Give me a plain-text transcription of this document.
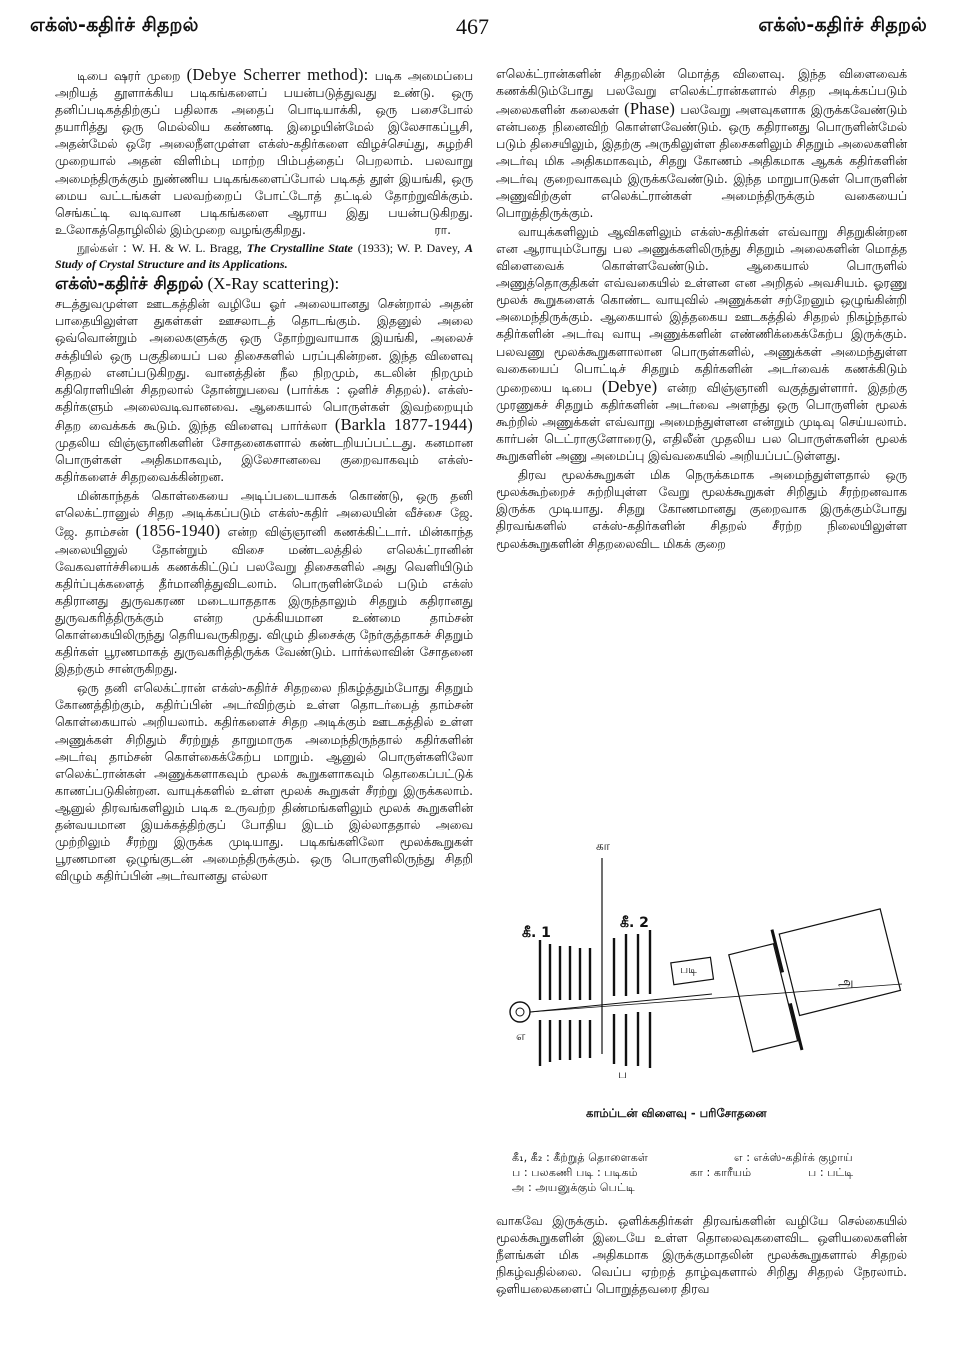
எக்ஸ்-கதிர்ச் சிதறல்	467	எக்ஸ்-கதிர்ச் சிதறல்

டிபை ஷரர் முறை (Debye Scherrer method): படிக அமைப்பை அறியத் தூளாக்கிய படிகங்களைப் பயன்படுத்துவது உண்டு. ஒரு தனிப்படிகத்திற்குப் பதிலாக அதைப் பொடியாக்கி, ஒரு பசைபோல் தயாரித்து ஒரு மெல்லிய கண்ணடி இழையின்மேல் இலேசாகப்பூசி, அதன்மேல் ஒரே அலைநீளமுள்ள எக்ஸ்-கதிர்களை விழச்செய்து, சுழற்சி முறையால் அதன் விளிம்பு மாற்ற பிம்பத்தைப் பெறலாம். பலவாறு அமைந்திருக்கும் நுண்ணிய படிகங்களைப்போல் படிகத் தூள் இயங்கி, ஒரு மைய வட்டங்கள் பலவற்றைப் போட்டோத் தட்டில் தோற்றுவிக்கும். செங்கட்டி வடிவான படிகங்களை ஆராய இது பயன்படுகிறது. உலோகத்தொழிலில் இம்முறை வழங்குகிறது.	ரா.

நூல்கள் : W. H. & W. L. Bragg, The Crystalline State (1933); W. P. Davey, A Study of Crystal Structure and its Applications.

எக்ஸ்-கதிர்ச் சிதறல் (X-Ray scattering):

சடத்துவமுள்ள ஊடகத்தின் வழியே ஓர் அலையானது சென்றால் அதன் பாதையிலுள்ள துகள்கள் ஊசலாடத் தொடங்கும். இதனுல் அலை ஒவ்வொன்றும் அலைகளுக்கு ஒரு தோற்றுவாயாக இயங்கி, அலைச் சக்தியில் ஒரு பகுதியைப் பல திசைகளில் பரப்புகின்றன. இந்த விளைவு சிதறல் எனப்படுகிறது. வானத்தின் நீல நிறமும், கடலின் நிறமும் கதிரொளியின் சிதறலால் தோன்றுபவை (பார்க்க : ஒளிச் சிதறல்). எக்ஸ்-கதிர்களும் அலைவடிவானவை. ஆகையால் பொருள்கள் இவற்றையும் சிதற வைக்கக் கூடும். இந்த விளைவு பார்க்லா (Barkla 1877-1944) முதலிய விஞ்ஞானிகளின் சோதனைகளால் கண்டறியப்பட்டது. கனமான பொருள்கள் அதிகமாகவும், இலேசானவை குறைவாகவும் எக்ஸ்-கதிர்களைச் சிதறவைக்கின்றன.

மின்காந்தக் கொள்கையை அடிப்படையாகக் கொண்டு, ஒரு தனி எலெக்ட்ரானுல் சிதற அடிக்கப்படும் எக்ஸ்-கதிர் அலையின் வீச்சை ஜே. ஜே. தாம்சன் (1856-1940) என்ற விஞ்ஞானி கணக்கிட்டார். மின்காந்த அலையினுல் தோன்றும் விசை மண்டலத்தில் எலெக்ட்ரானின் வேகவளர்ச்சியைக் கணக்கிட்டுப் பலவேறு திசைகளில் அது வெளியிடும் கதிர்ப்புக்களைத் தீர்மானித்துவிடலாம். பொருளின்மேல் படும் எக்ஸ் கதிரானது துருவகரண மடையாததாக இருந்தாலும் சிதறும் கதிரானது துருவகரித்திருக்கும் என்ற முக்கியமான உண்மை தாம்சன் கொள்கையிலிருந்து தெரியவருகிறது. விழும் திசைக்கு நேர்குத்தாகச் சிதறும் கதிர்கள் பூரணமாகத் துருவகரித்திருக்க வேண்டும். பார்க்லாவின் சோதனை இதற்கும் சான்ருகிறது.

ஒரு தனி எலெக்ட்ரான் எக்ஸ்-கதிர்ச் சிதறலை நிகழ்த்தும்போது சிதறும் கோணத்திற்கும், கதிர்ப்பின் அடர்விற்கும் உள்ள தொடர்பைத் தாம்சன் கொள்கையால் அறியலாம். கதிர்களைச் சிதற அடிக்கும் ஊடகத்தில் உள்ள அணுக்கள் சிறிதும் சீரற்றுத் தாறுமாருக அமைந்திருந்தால் கதிர்களின் அடர்வு தாம்சன் கொள்கைக்கேற்ப மாறும். ஆனுல் பொருள்களிலோ எலெக்ட்ரான்கள் அணுக்களாகவும் மூலக் கூறுகளாகவும் தொகைப்பட்டுக் காணப்படுகின்றன. வாயுக்களில் உள்ள மூலக் கூறுகள் சீரற்று இருக்கலாம். ஆனுல் திரவங்களிலும் படிக உருவற்ற திண்மங்களிலும் மூலக் கூறுகளின் தன்வயமான இயக்கத்திற்குப் போதிய இடம் இல்லாததால் அவை முற்றிலும் சீரற்று இருக்க முடியாது. படிகங்களிலோ மூலக்கூறுகள் பூரணமான ஒழுங்குடன் அமைந்திருக்கும். ஒரு பொருளிலிருந்து சிதறி விழும் கதிர்ப்பின் அடர்வானது எல்லா

எலெக்ட்ரான்களின் சிதறலின் மொத்த விளைவு. இந்த விளைவைக் கணக்கிடும்போது பலவேறு எலெக்ட்ரான்களால் சிதற அடிக்கப்படும் அலைகளின் கலைகள் (Phase) பலவேறு அளவுகளாக இருக்கவேண்டும் என்பதை நினைவிற் கொள்ளவேண்டும். ஒரு கதிரானது பொருளின்மேல் படும் திசையிலும், இதற்கு அருகிலுள்ள திசைகளிலும் சிதறும் அலைகளின் அடர்வு மிக அதிகமாகவும், சிதறு கோணம் அதிகமாக ஆகக் கதிர்களின் அடர்வு குறைவாகவும் இருக்கவேண்டும். இந்த மாறுபாடுகள் பொருளின் அணுவிற்குள் எலெக்ட்ரான்கள் அமைந்திருக்கும் வகையைப் பொறுத்திருக்கும்.

வாயுக்களிலும் ஆவிகளிலும் எக்ஸ்-கதிர்கள் எவ்வாறு சிதறுகின்றன என ஆராயும்போது பல அணுக்களிலிருந்து சிதறும் அலைகளின் மொத்த விளைவைக் கொள்ளவேண்டும். ஆகையால் பொருளில் அணுத்தொகுதிகள் எவ்வகையில் உள்ளன என அறிதல் அவசியம். ஓரணு மூலக் கூறுகளைக் கொண்ட வாயுவில் அணுக்கள் சற்றேனும் ஒழுங்கின்றி அமைந்திருக்கும். ஆகையால் இத்தகைய ஊடகத்தில் சிதறல் நிகழ்ந்தால் கதிர்களின் அடர்வு வாயு அணுக்களின் எண்ணிக்கைக்கேற்ப இருக்கும். பலவணு மூலக்கூறுகளாலான பொருள்களில், அணுக்கள் அமைந்துள்ள வகையைப் பொட்டிச் சிதறும் கதிர்களின் அடர்வைக் கணக்கிடும் முறையை டிபை (Debye) என்ற விஞ்ஞானி வகுத்துள்ளார். இதற்கு முரணுகச் சிதறும் கதிர்களின் அடர்வை அளந்து ஒரு பொருளின் மூலக் கூற்றில் அணுக்கள் எவ்வாறு அமைந்துள்ளன என்றும் முடிவு செய்யலாம். கார்பன் டெட்ராகுளோரைடு, எதிலீன் முதலிய பல பொருள்களின் மூலக் கூறுகளின் அணு அமைப்பு இவ்வகையில் அறியப்பட்டுள்ளது.

திரவ மூலக்கூறுகள் மிக நெருக்கமாக அமைந்துள்ளதால் ஒரு மூலக்கூற்றைச் சுற்றியுள்ள வேறு மூலக்கூறுகள் சிறிதும் சீரற்றனவாக இருக்க முடியாது. சிதறு கோணமானது குறைவாக இருக்கும்போது திரவங்களில் எக்ஸ்-கதிர்களின் சிதறல் சீரற்ற நிலையிலுள்ள மூலக்கூறுகளின் சிதறலைவிட மிகக் குறை

கா
கீ. 1
கீ. 2
படி
அ
எ
ப
காம்ப்டன் விளைவு - பரிசோதனை
கீ₁, கீ₂ : கீற்றுத் தொளைகள்	எ : எக்ஸ்-கதிர்க் குழாய்
ப : பலகணி படி : படிகம்	கா : காரீயம்	ப : பட்டி
அ : அயனுக்கும் பெட்டி

வாகவே இருக்கும். ஒளிக்கதிர்கள் திரவங்களின் வழியே செல்கையில் மூலக்கூறுகளின் இடையே உள்ள தொலைவுகளைவிட ஒளியலைகளின் நீளங்கள் மிக அதிகமாக இருக்குமாதலின் மூலக்கூறுகளால் சிதறல் நிகழ்வதில்லை. வெப்ப ஏற்றத் தாழ்வுகளால் சிறிது சிதறல் நேரலாம். ஒளியலைகளைப் பொறுத்தவரை திரவ
